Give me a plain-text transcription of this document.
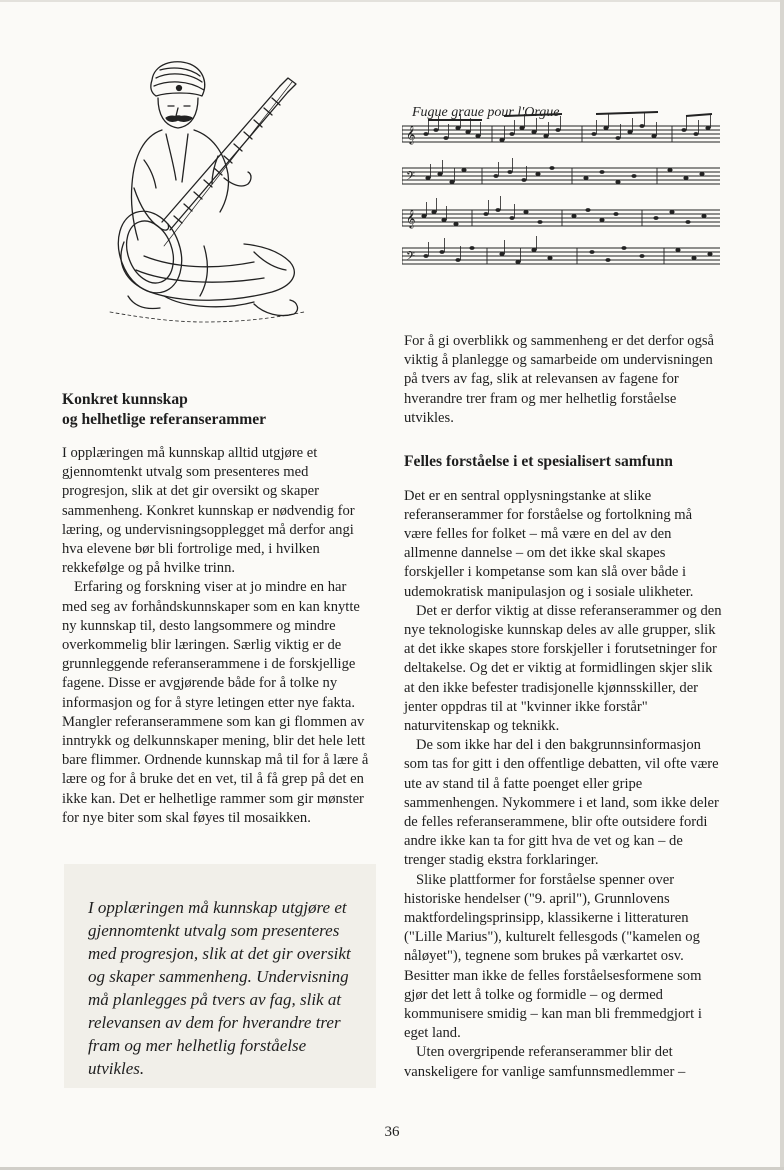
Fugue graue pour l'Orgue
𝄞
𝄢
𝄞
𝄢
Konkret kunnskap
og helhetlige referanserammer

I opplæringen må kunnskap alltid utgjøre et gjennomtenkt utvalg som presenteres med progresjon, slik at det gir oversikt og skaper sammenheng. Konkret kunnskap er nødvendig for læring, og undervisningsopplegget må derfor angi hva elevene bør bli fortrolige med, i hvilken rekkefølge og på hvilke trinn.

Erfaring og forskning viser at jo mindre en har med seg av forhåndskunnskaper som en kan knytte ny kunnskap til, desto langsommere og mindre overkommelig blir læringen. Særlig viktig er de grunnleggende referanserammene i de forskjellige fagene. Disse er avgjørende både for å tolke ny informasjon og for å styre letingen etter nye fakta. Mangler referanserammene som kan gi flommen av inntrykk og delkunnskaper mening, blir det hele lett bare flimmer. Ordnende kunnskap må til for å lære å lære og for å bruke det en vet, til å få grep på det en ikke kan. Det er helhetlige rammer som gir mønster for nye biter som skal føyes til mosaikken.

I opplæringen må kunnskap utgjøre et gjennomtenkt utvalg som presenteres med progresjon, slik at det gir oversikt og skaper sammenheng. Undervisning må planlegges på tvers av fag, slik at relevansen av dem for hverandre trer fram og mer helhetlig forståelse utvikles.

For å gi overblikk og sammenheng er det derfor også viktig å planlegge og samarbeide om undervisningen på tvers av fag, slik at relevansen av fagene for hverandre trer fram og mer helhetlig forståelse utvikles.

Felles forståelse i et spesialisert samfunn

Det er en sentral opplysningstanke at slike referanserammer for forståelse og fortolkning må være felles for folket – må være en del av den allmenne dannelse – om det ikke skal skapes forskjeller i kompetanse som kan slå over både i udemokratisk manipulasjon og i sosiale ulikheter.

Det er derfor viktig at disse referanserammer og den nye teknologiske kunnskap deles av alle grupper, slik at det ikke skapes store forskjeller i forutsetninger for deltakelse. Og det er viktig at formidlingen skjer slik at den ikke befester tradisjonelle kjønnsskiller, der jenter oppdras til at "kvinner ikke forstår" naturvitenskap og teknikk.

De som ikke har del i den bakgrunnsinformasjon som tas for gitt i den offentlige debatten, vil ofte være ute av stand til å fatte poenget eller gripe sammenhengen. Nykommere i et land, som ikke deler de felles referanserammene, blir ofte outsidere fordi andre ikke kan ta for gitt hva de vet og kan – de trenger stadig ekstra forklaringer.

Slike plattformer for forståelse spenner over historiske hendelser ("9. april"), Grunnlovens maktfordelingsprinsipp, klassikerne i litteraturen ("Lille Marius"), kulturelt fellesgods ("kamelen og nåløyet"), tegnene som brukes på værkartet osv. Besitter man ikke de felles forståelsesformene som gjør det lett å tolke og formidle – og dermed kommunisere smidig – kan man bli fremmedgjort i eget land.

Uten overgripende referanserammer blir det vanskeligere for vanlige samfunnsmedlemmer –

36
